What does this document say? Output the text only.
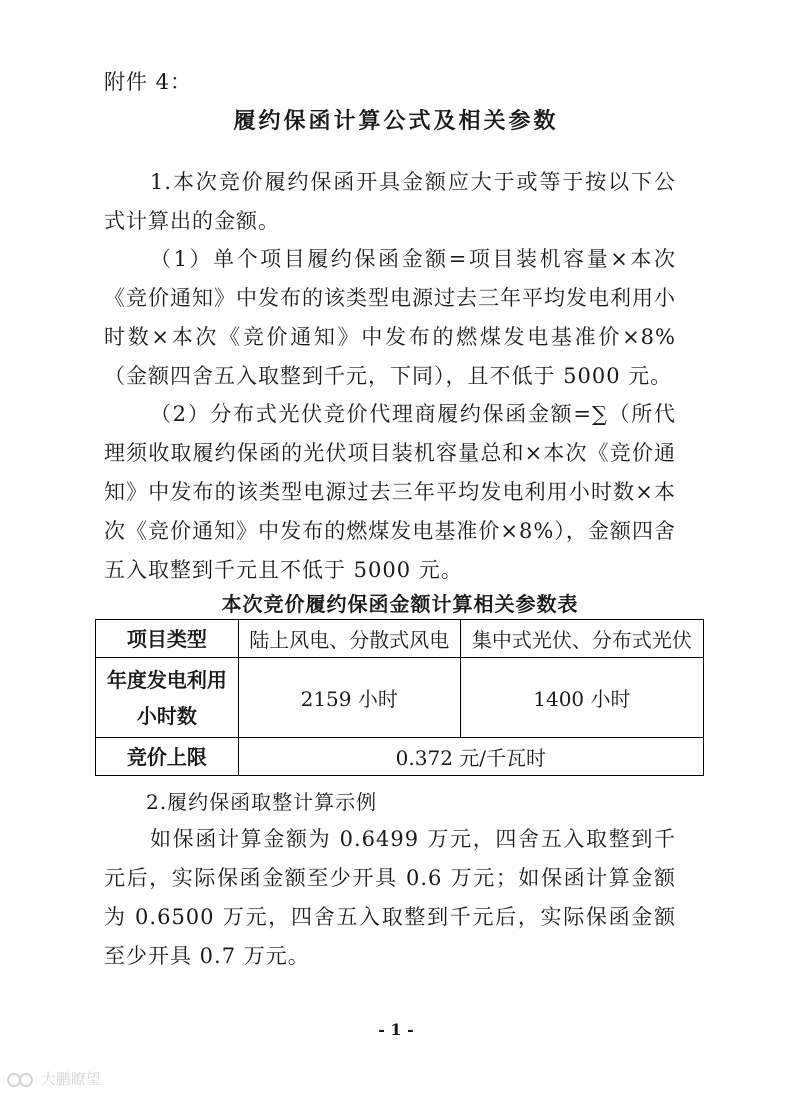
附件 4：
履约保函计算公式及相关参数
1.本次竞价履约保函开具金额应大于或等于按以下公式计算出的金额。
（1）单个项目履约保函金额=项目装机容量×本次《竞价通知》中发布的该类型电源过去三年平均发电利用小时数×本次《竞价通知》中发布的燃煤发电基准价×8%（金额四舍五入取整到千元，下同），且不低于 5000 元。
（2）分布式光伏竞价代理商履约保函金额=∑（所代理须收取履约保函的光伏项目装机容量总和×本次《竞价通知》中发布的该类型电源过去三年平均发电利用小时数×本次《竞价通知》中发布的燃煤发电基准价×8%），金额四舍五入取整到千元且不低于 5000 元。
本次竞价履约保函金额计算相关参数表
项目类型	陆上风电、分散式风电	集中式光伏、分布式光伏
年度发电利用小时数	2159 小时	1400 小时
竞价上限	0.372 元/千瓦时	
2.履约保函取整计算示例
如保函计算金额为 0.6499 万元，四舍五入取整到千元后，实际保函金额至少开具 0.6 万元；如保函计算金额为 0.6500 万元，四舍五入取整到千元后，实际保函金额至少开具 0.7 万元。
- 1 -
大鹏瞭望
